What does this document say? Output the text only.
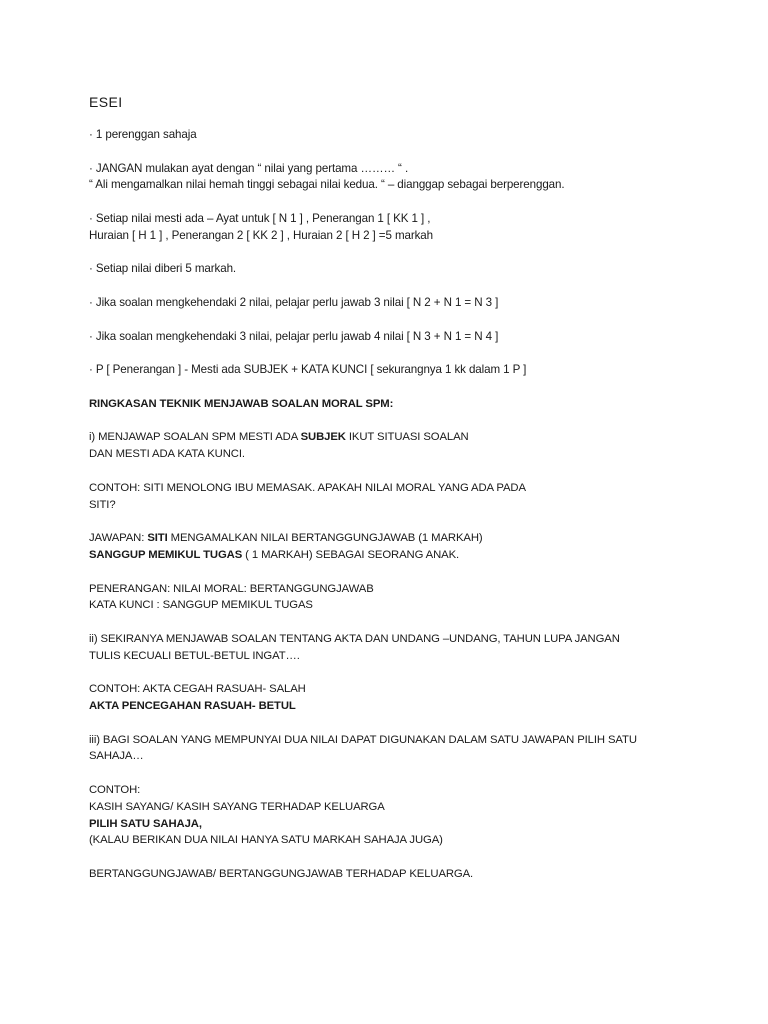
ESEI

· 1 perenggan sahaja

· JANGAN mulakan ayat dengan “ nilai yang pertama ……… “ .
“ Ali mengamalkan nilai hemah tinggi sebagai nilai kedua. “ – dianggap sebagai berperenggan.

· Setiap nilai mesti ada – Ayat untuk [ N 1 ] , Penerangan 1 [ KK 1 ] ,
Huraian [ H 1 ] , Penerangan 2 [ KK 2 ] , Huraian 2 [ H 2 ] =5 markah

· Setiap nilai diberi 5 markah.

· Jika soalan mengkehendaki 2 nilai, pelajar perlu jawab 3 nilai [ N 2 + N 1 = N 3 ]

· Jika soalan mengkehendaki 3 nilai, pelajar perlu jawab 4 nilai [ N 3 + N 1 = N 4 ]

· P [ Penerangan ] - Mesti ada SUBJEK + KATA KUNCI [ sekurangnya 1 kk dalam 1 P ]

RINGKASAN TEKNIK MENJAWAB SOALAN MORAL SPM:

i) MENJAWAP SOALAN SPM MESTI ADA SUBJEK IKUT SITUASI SOALAN
DAN MESTI ADA KATA KUNCI.

CONTOH: SITI MENOLONG IBU MEMASAK. APAKAH NILAI MORAL YANG ADA PADA
SITI?

JAWAPAN: SITI MENGAMALKAN NILAI BERTANGGUNGJAWAB (1 MARKAH)
SANGGUP MEMIKUL TUGAS ( 1 MARKAH) SEBAGAI SEORANG ANAK.

PENERANGAN: NILAI MORAL: BERTANGGUNGJAWAB
KATA KUNCI : SANGGUP MEMIKUL TUGAS

ii) SEKIRANYA MENJAWAB SOALAN TENTANG AKTA DAN UNDANG –UNDANG, TAHUN LUPA JANGAN
TULIS KECUALI BETUL-BETUL INGAT….

CONTOH: AKTA CEGAH RASUAH- SALAH
AKTA PENCEGAHAN RASUAH- BETUL

iii) BAGI SOALAN YANG MEMPUNYAI DUA NILAI DAPAT DIGUNAKAN DALAM SATU JAWAPAN PILIH SATU
SAHAJA…

CONTOH:
KASIH SAYANG/ KASIH SAYANG TERHADAP KELUARGA
PILIH SATU SAHAJA,
(KALAU BERIKAN DUA NILAI HANYA SATU MARKAH SAHAJA JUGA)

BERTANGGUNGJAWAB/ BERTANGGUNGJAWAB TERHADAP KELUARGA.
